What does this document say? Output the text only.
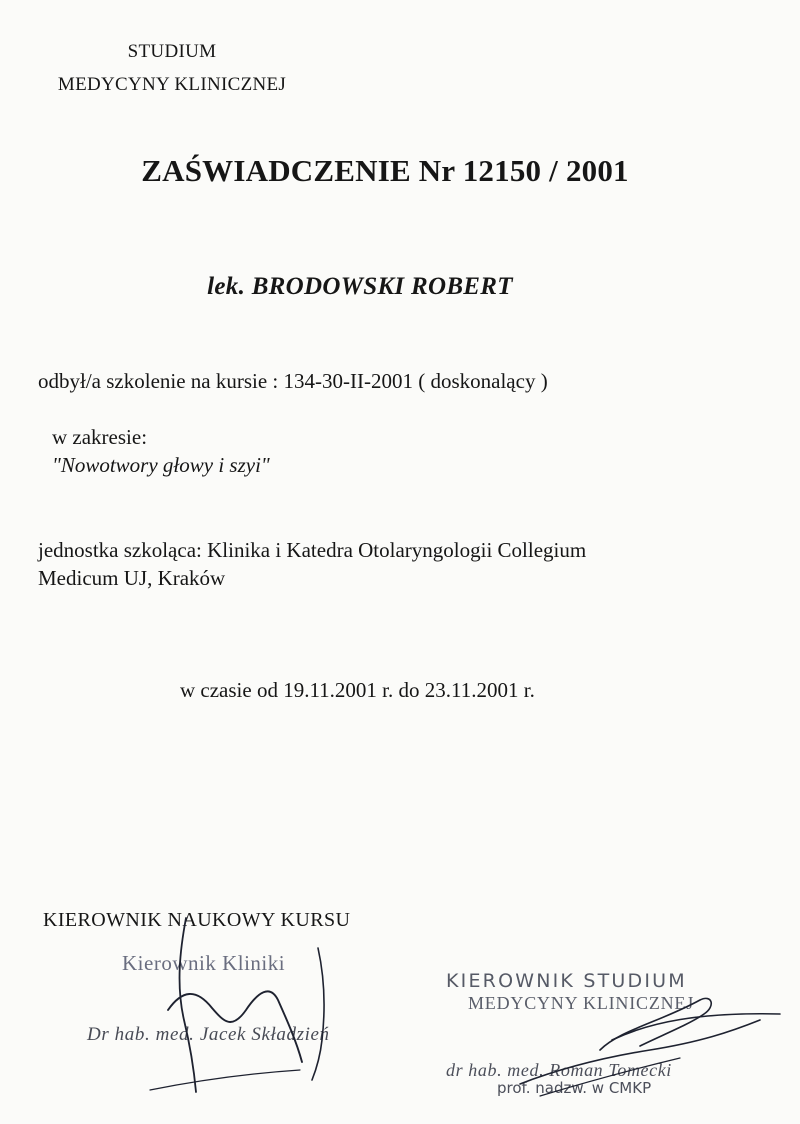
STUDIUM
MEDYCYNY KLINICZNEJ
ZAŚWIADCZENIE Nr 12150 / 2001
lek. BRODOWSKI ROBERT
odbył/a szkolenie na kursie : 134-30-II-2001 ( doskonalący )
w zakresie:
"Nowotwory głowy i szyi"
jednostka szkoląca: Klinika i Katedra Otolaryngologii Collegium
Medicum UJ, Kraków
w czasie od 19.11.2001 r. do 23.11.2001 r.
KIEROWNIK NAUKOWY KURSU
Kierownik Kliniki
Dr hab. med. Jacek Składzień
KIEROWNIK STUDIUM
MEDYCYNY KLINICZNEJ
dr hab. med. Roman Tomecki
prof. nadzw. w CMKP
